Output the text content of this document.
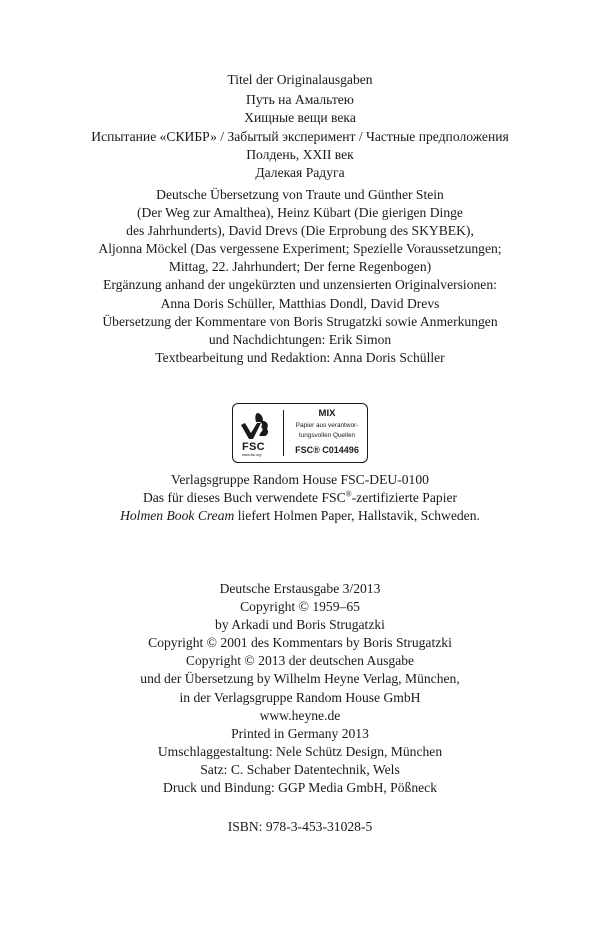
Titel der Originalausgaben
Путь на Амальтею
Хищные вещи века
Испытание «СКИБР» / Забытый эксперимент / Частные предположения
Полдень, XXII век
Далекая Радуга
Deutsche Übersetzung von Traute und Günther Stein
(Der Weg zur Amalthea), Heinz Kübart (Die gierigen Dinge
des Jahrhunderts), David Drevs (Die Erprobung des SKYBEK),
Aljonna Möckel (Das vergessene Experiment; Spezielle Voraussetzungen;
Mittag, 22. Jahrhundert; Der ferne Regenbogen)
Ergänzung anhand der ungekürzten und unzensierten Originalversionen:
Anna Doris Schüller, Matthias Dondl, David Drevs
Übersetzung der Kommentare von Boris Strugatzki sowie Anmerkungen
und Nachdichtungen: Erik Simon
Textbearbeitung und Redaktion: Anna Doris Schüller
FSC
www.fsc.org
MIX
Papier aus verantwor-
tungsvollen Quellen
FSC® C014496
Verlagsgruppe Random House FSC-DEU-0100
Das für dieses Buch verwendete FSC®-zertifizierte Papier
Holmen Book Cream liefert Holmen Paper, Hallstavik, Schweden.
Deutsche Erstausgabe 3/2013
Copyright © 1959–65
by Arkadi und Boris Strugatzki
Copyright © 2001 des Kommentars by Boris Strugatzki
Copyright © 2013 der deutschen Ausgabe
und der Übersetzung by Wilhelm Heyne Verlag, München,
in der Verlagsgruppe Random House GmbH
www.heyne.de
Printed in Germany 2013
Umschlaggestaltung: Nele Schütz Design, München
Satz: C. Schaber Datentechnik, Wels
Druck und Bindung: GGP Media GmbH, Pößneck
ISBN: 978-3-453-31028-5
